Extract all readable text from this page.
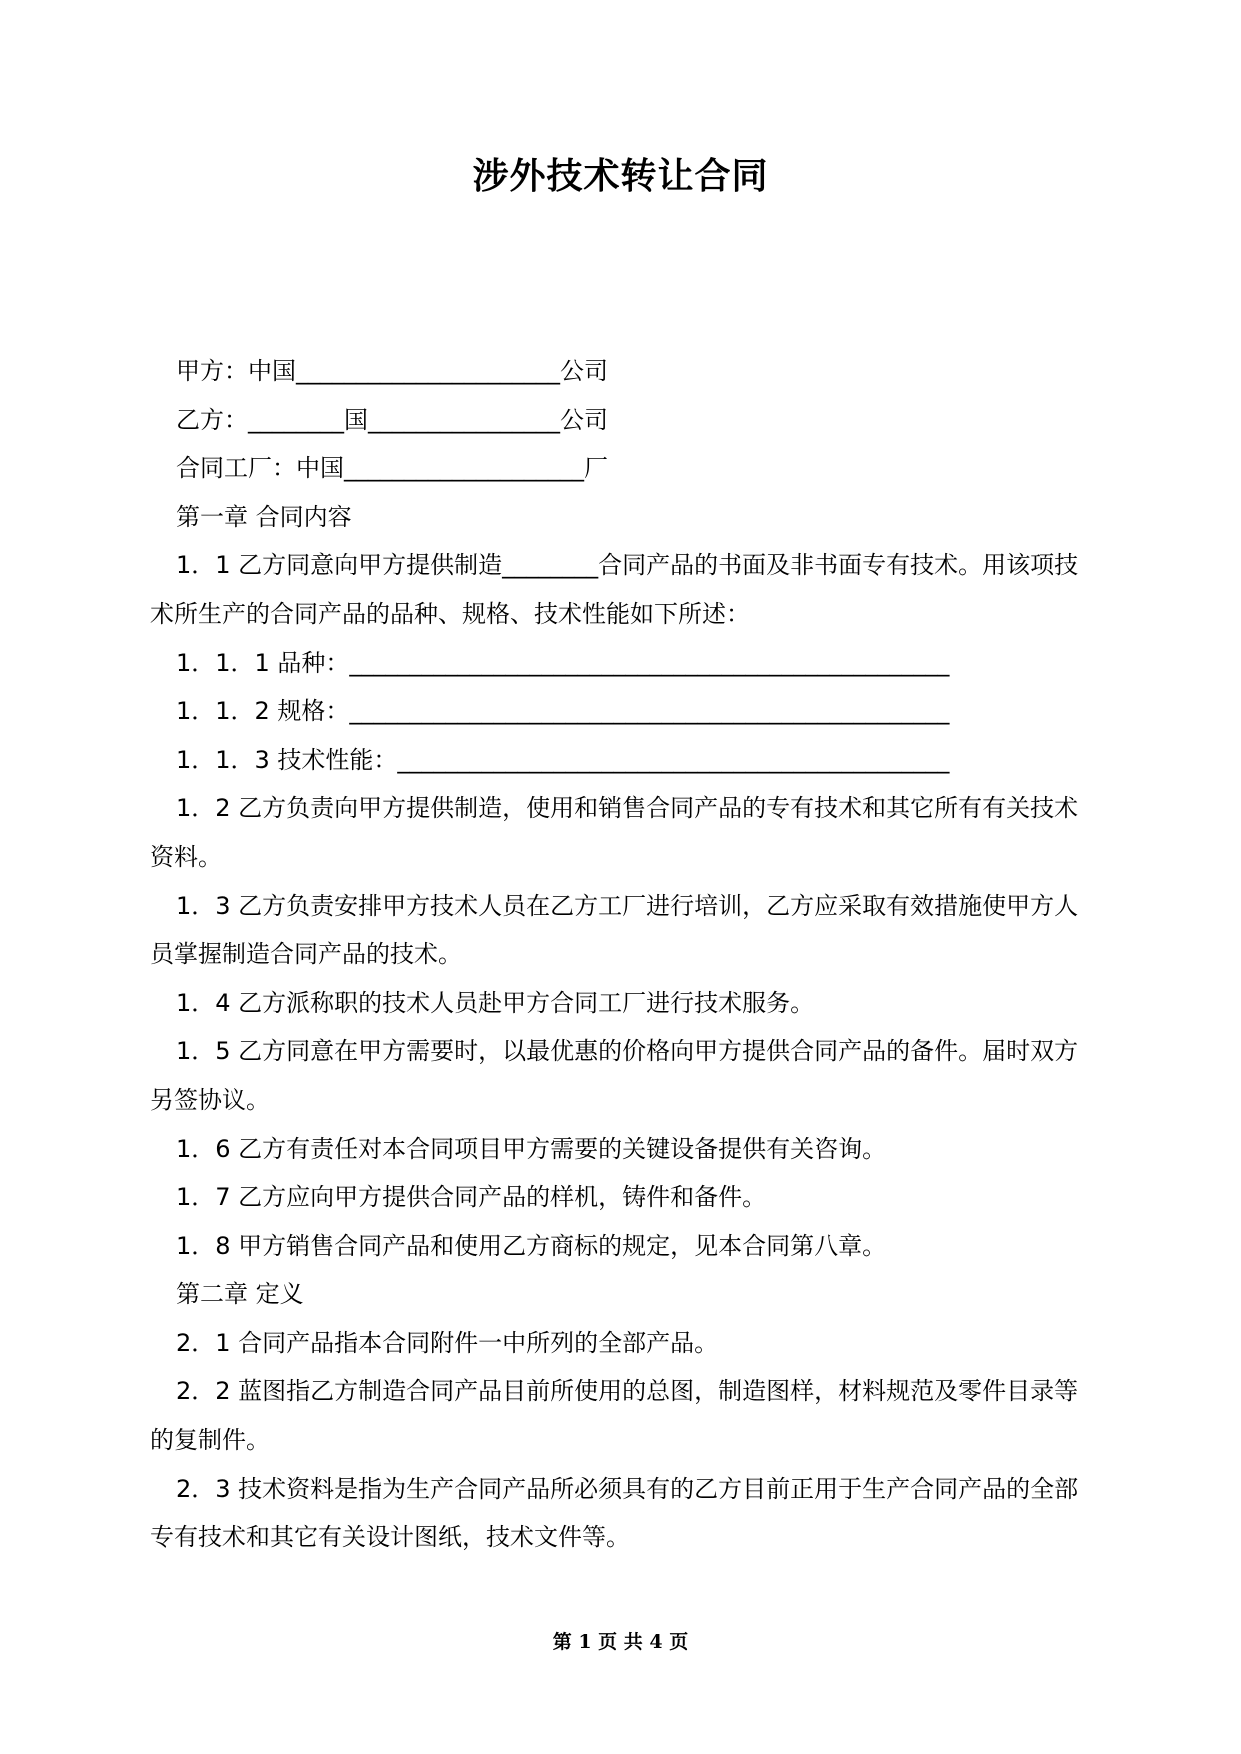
涉外技术转让合同

甲方：中国______________________公司

乙方：________国________________公司

合同工厂：中国____________________厂

第一章 合同内容

1．1 乙方同意向甲方提供制造________合同产品的书面及非书面专有技术。用该项技术所生产的合同产品的品种、规格、技术性能如下所述：

1．1．1 品种：__________________________________________________

1．1．2 规格：__________________________________________________

1．1．3 技术性能：______________________________________________

1．2 乙方负责向甲方提供制造，使用和销售合同产品的专有技术和其它所有有关技术资料。

1．3 乙方负责安排甲方技术人员在乙方工厂进行培训，乙方应采取有效措施使甲方人员掌握制造合同产品的技术。

1．4 乙方派称职的技术人员赴甲方合同工厂进行技术服务。

1．5 乙方同意在甲方需要时，以最优惠的价格向甲方提供合同产品的备件。届时双方另签协议。

1．6 乙方有责任对本合同项目甲方需要的关键设备提供有关咨询。

1．7 乙方应向甲方提供合同产品的样机，铸件和备件。

1．8 甲方销售合同产品和使用乙方商标的规定，见本合同第八章。

第二章 定义

2．1 合同产品指本合同附件一中所列的全部产品。

2．2 蓝图指乙方制造合同产品目前所使用的总图，制造图样，材料规范及零件目录等的复制件。

2．3 技术资料是指为生产合同产品所必须具有的乙方目前正用于生产合同产品的全部专有技术和其它有关设计图纸，技术文件等。

第 1 页 共 4 页
